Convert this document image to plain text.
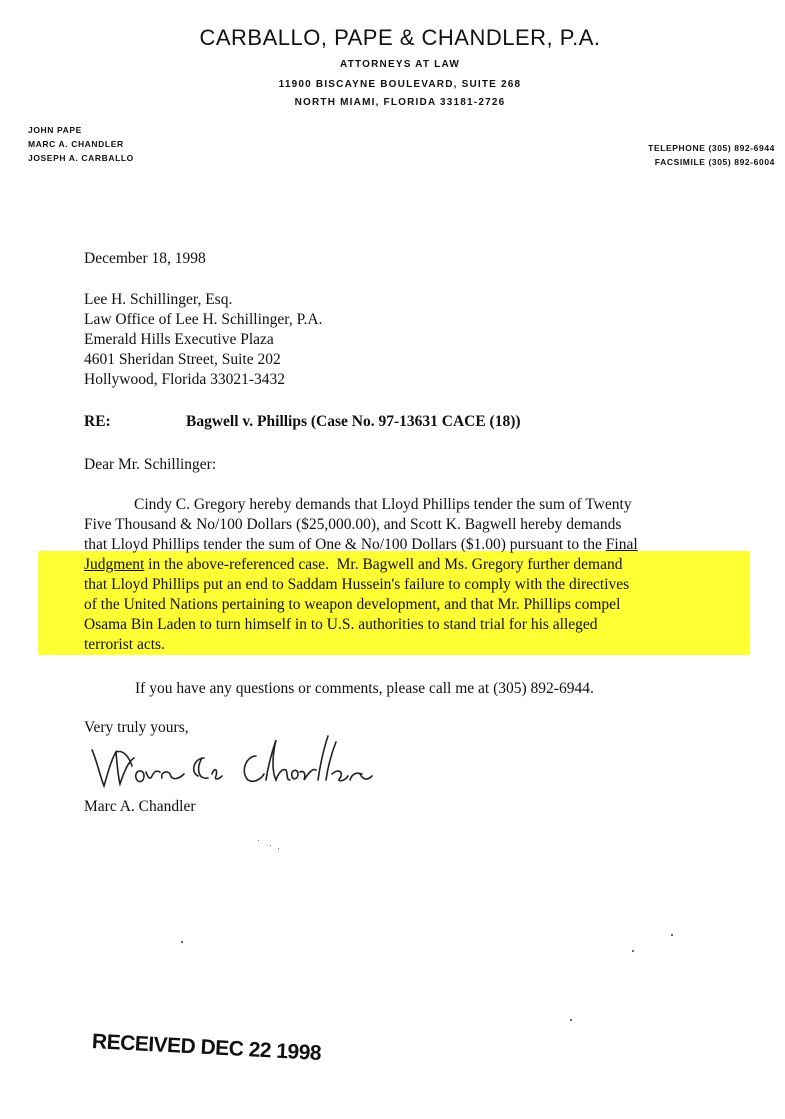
CARBALLO, PAPE & CHANDLER, P.A.
ATTORNEYS AT LAW
11900 BISCAYNE BOULEVARD, SUITE 268
NORTH MIAMI, FLORIDA 33181-2726
JOHN PAPE
MARC A. CHANDLER
JOSEPH A. CARBALLO
TELEPHONE (305) 892-6944
FACSIMILE (305) 892-6004
December 18, 1998
Lee H. Schillinger, Esq.
Law Office of Lee H. Schillinger, P.A.
Emerald Hills Executive Plaza
4601 Sheridan Street, Suite 202
Hollywood, Florida 33021-3432
RE:	Bagwell v. Phillips (Case No. 97-13631 CACE (18))
Dear Mr. Schillinger:
Cindy C. Gregory hereby demands that Lloyd Phillips tender the sum of Twenty
Five Thousand & No/100 Dollars ($25,000.00), and Scott K. Bagwell hereby demands
that Lloyd Phillips tender the sum of One & No/100 Dollars ($1.00) pursuant to the Final
Judgment in the above-referenced case. Mr. Bagwell and Ms. Gregory further demand
that Lloyd Phillips put an end to Saddam Hussein's failure to comply with the directives
of the United Nations pertaining to weapon development, and that Mr. Phillips compel
Osama Bin Laden to turn himself in to U.S. authorities to stand trial for his alleged
terrorist acts.
If you have any questions or comments, please call me at (305) 892-6944.
Very truly yours,
Marc A. Chandler
RECEIVED DEC 22 1998
